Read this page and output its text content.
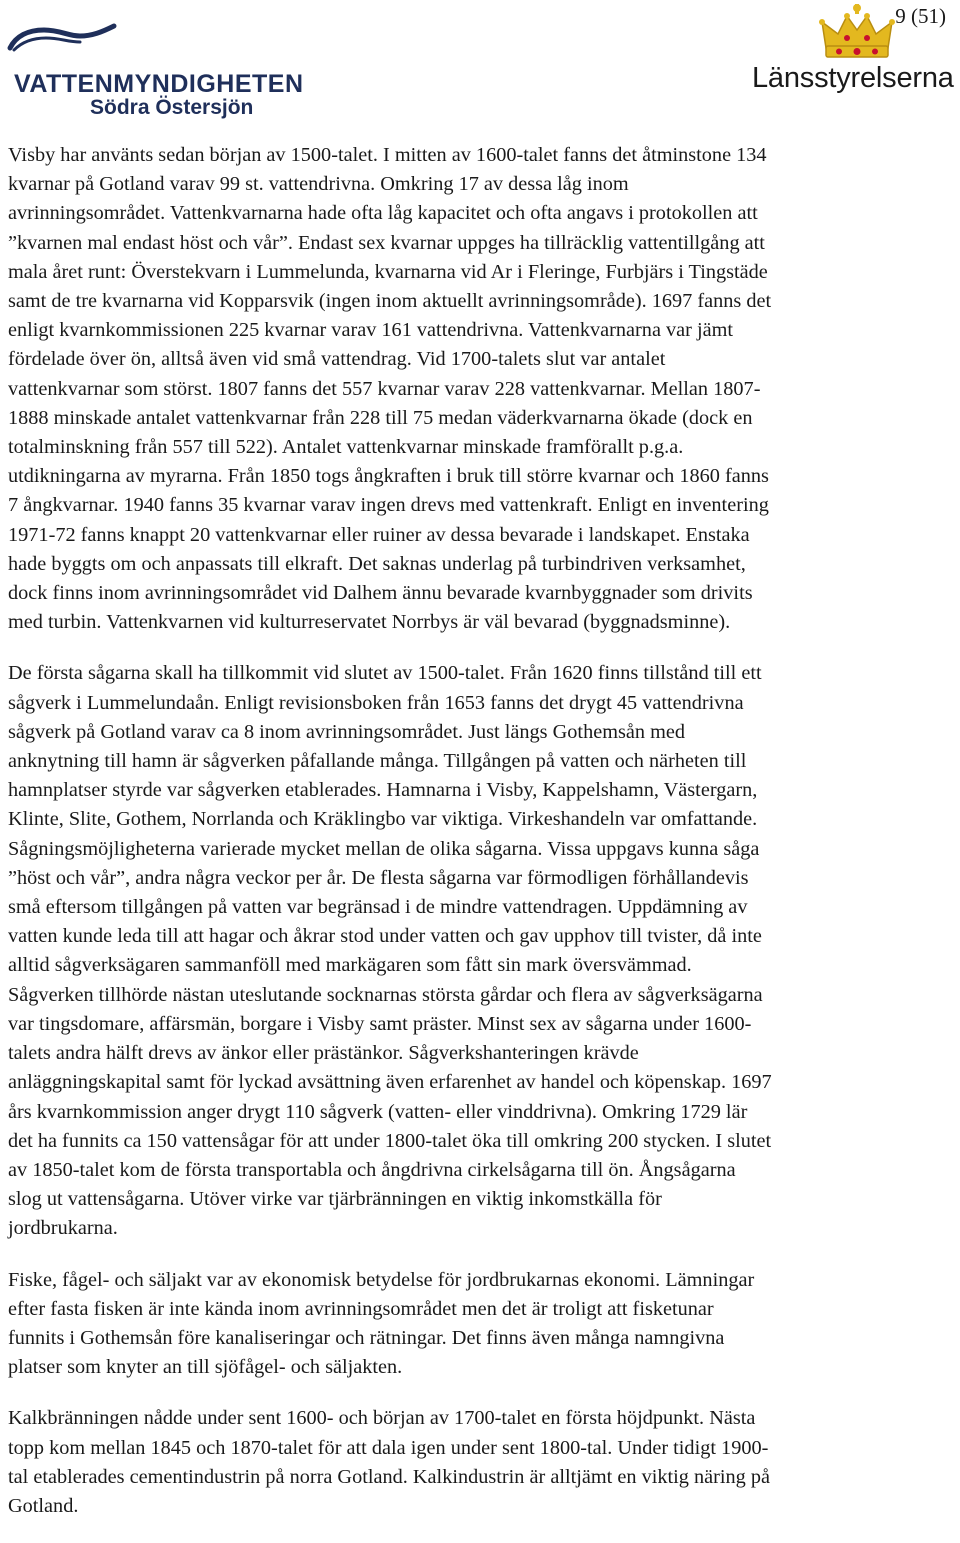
VATTENMYNDIGHETEN
Södra Östersjön
9 (51)
Länsstyrelserna

Visby har använts sedan början av 1500-talet. I mitten av 1600-talet fanns det åtminstone 134
kvarnar på Gotland varav 99 st. vattendrivna. Omkring 17 av dessa låg inom
avrinningsområdet. Vattenkvarnarna hade ofta låg kapacitet och ofta angavs i protokollen att
”kvarnen mal endast höst och vår”. Endast sex kvarnar uppges ha tillräcklig vattentillgång att
mala året runt: Överstekvarn i Lummelunda, kvarnarna vid Ar i Fleringe, Furbjärs i Tingstäde
samt de tre kvarnarna vid Kopparsvik (ingen inom aktuellt avrinningsområde). 1697 fanns det
enligt kvarnkommissionen 225 kvarnar varav 161 vattendrivna. Vattenkvarnarna var jämt
fördelade över ön, alltså även vid små vattendrag. Vid 1700-talets slut var antalet
vattenkvarnar som störst. 1807 fanns det 557 kvarnar varav 228 vattenkvarnar. Mellan 1807-
1888 minskade antalet vattenkvarnar från 228 till 75 medan väderkvarnarna ökade (dock en
totalminskning från 557 till 522). Antalet vattenkvarnar minskade framförallt p.g.a.
utdikningarna av myrarna. Från 1850 togs ångkraften i bruk till större kvarnar och 1860 fanns
7 ångkvarnar. 1940 fanns 35 kvarnar varav ingen drevs med vattenkraft. Enligt en inventering
1971-72 fanns knappt 20 vattenkvarnar eller ruiner av dessa bevarade i landskapet. Enstaka
hade byggts om och anpassats till elkraft. Det saknas underlag på turbindriven verksamhet,
dock finns inom avrinningsområdet vid Dalhem ännu bevarade kvarnbyggnader som drivits
med turbin. Vattenkvarnen vid kulturreservatet Norrbys är väl bevarad (byggnadsminne).

De första sågarna skall ha tillkommit vid slutet av 1500-talet. Från 1620 finns tillstånd till ett
sågverk i Lummelundaån. Enligt revisionsboken från 1653 fanns det drygt 45 vattendrivna
sågverk på Gotland varav ca 8 inom avrinningsområdet. Just längs Gothemsån med
anknytning till hamn är sågverken påfallande många. Tillgången på vatten och närheten till
hamnplatser styrde var sågverken etablerades. Hamnarna i Visby, Kappelshamn, Västergarn,
Klinte, Slite, Gothem, Norrlanda och Kräklingbo var viktiga. Virkeshandeln var omfattande.
Sågningsmöjligheterna varierade mycket mellan de olika sågarna. Vissa uppgavs kunna såga
”höst och vår”, andra några veckor per år. De flesta sågarna var förmodligen förhållandevis
små eftersom tillgången på vatten var begränsad i de mindre vattendragen. Uppdämning av
vatten kunde leda till att hagar och åkrar stod under vatten och gav upphov till tvister, då inte
alltid sågverksägaren sammanföll med markägaren som fått sin mark översvämmad.
Sågverken tillhörde nästan uteslutande socknarnas största gårdar och flera av sågverksägarna
var tingsdomare, affärsmän, borgare i Visby samt präster. Minst sex av sågarna under 1600-
talets andra hälft drevs av änkor eller prästänkor. Sågverkshanteringen krävde
anläggningskapital samt för lyckad avsättning även erfarenhet av handel och köpenskap. 1697
års kvarnkommission anger drygt 110 sågverk (vatten- eller vinddrivna). Omkring 1729 lär
det ha funnits ca 150 vattensågar för att under 1800-talet öka till omkring 200 stycken. I slutet
av 1850-talet kom de första transportabla och ångdrivna cirkelsågarna till ön. Ångsågarna
slog ut vattensågarna. Utöver virke var tjärbränningen en viktig inkomstkälla för
jordbrukarna.

Fiske, fågel- och säljakt var av ekonomisk betydelse för jordbrukarnas ekonomi. Lämningar
efter fasta fisken är inte kända inom avrinningsområdet men det är troligt att fisketunar
funnits i Gothemsån före kanaliseringar och rätningar. Det finns även många namngivna
platser som knyter an till sjöfågel- och säljakten.

Kalkbränningen nådde under sent 1600- och början av 1700-talet en första höjdpunkt. Nästa
topp kom mellan 1845 och 1870-talet för att dala igen under sent 1800-tal. Under tidigt 1900-
tal etablerades cementindustrin på norra Gotland. Kalkindustrin är alltjämt en viktig näring på
Gotland.
